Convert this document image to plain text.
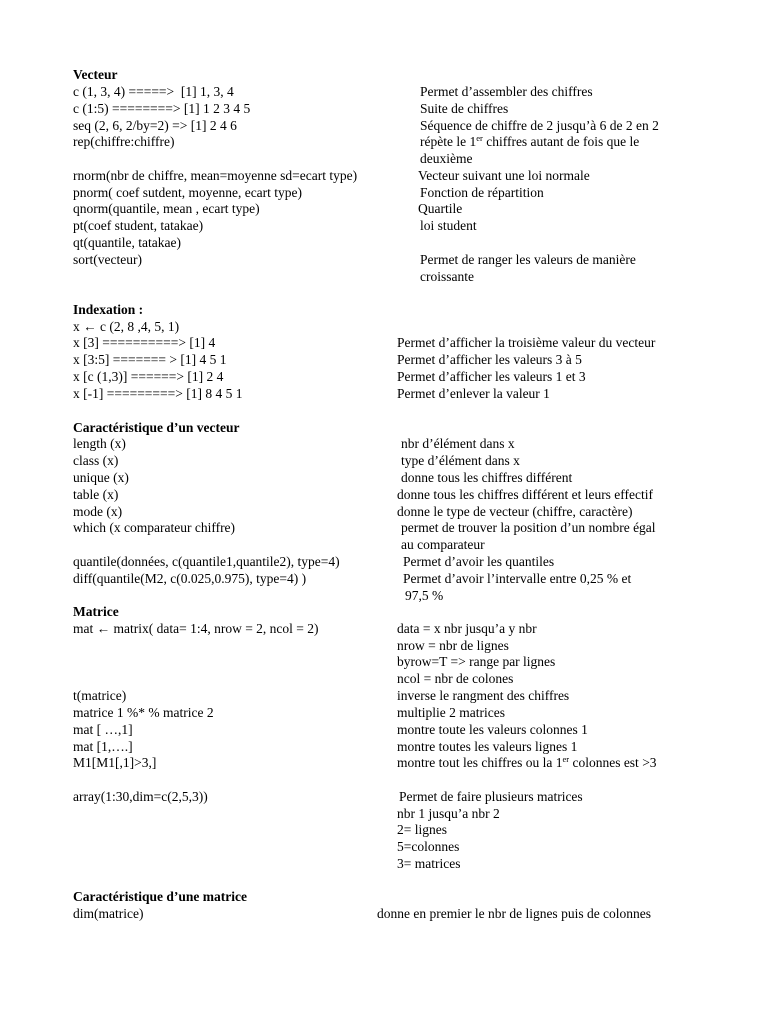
Vecteur
c (1, 3, 4) =====>  [1] 1, 3, 4	Permet d’assembler des chiffres
c (1:5) ========> [1] 1 2 3 4 5	Suite de chiffres
seq (2, 6, 2/by=2) => [1] 2 4 6	Séquence de chiffre de 2 jusqu’à 6 de 2 en 2
rep(chiffre:chiffre)	répète le 1er chiffres autant de fois que le
deuxième
rnorm(nbr de chiffre, mean=moyenne sd=ecart type)	Vecteur suivant une loi normale
pnorm( coef sutdent, moyenne, ecart type)	Fonction de répartition
qnorm(quantile, mean , ecart type)	Quartile
pt(coef student, tatakae)	loi student
qt(quantile, tatakae)
sort(vecteur)	Permet de ranger les valeurs de manière
croissante
Indexation :
x ← c (2, 8 ,4, 5, 1)
x [3] ==========> [1] 4	Permet d’afficher la troisième valeur du vecteur
x [3:5] ======= > [1] 4 5 1	Permet d’afficher les valeurs 3 à 5
x [c (1,3)] ======> [1] 2 4	Permet d’afficher les valeurs 1 et 3
x [-1] =========> [1] 8 4 5 1	Permet d’enlever la valeur 1
Caractéristique d’un vecteur
length (x)	nbr d’élément dans x
class (x)	type d’élément dans x
unique (x)	donne tous les chiffres différent
table (x)	donne tous les chiffres différent et leurs effectif
mode (x)	donne le type de vecteur (chiffre, caractère)
which (x comparateur chiffre)	permet de trouver la position d’un nombre égal
au comparateur
quantile(données, c(quantile1,quantile2), type=4)	Permet d’avoir les quantiles
diff(quantile(M2, c(0.025,0.975), type=4) )	Permet d’avoir l’intervalle entre 0,25 % et
97,5 %
Matrice
mat ← matrix( data= 1:4, nrow = 2, ncol = 2)	data = x nbr jusqu’a y nbr
nrow = nbr de lignes
byrow=T => range par lignes
ncol = nbr de colones
t(matrice)	inverse le rangment des chiffres
matrice 1 %* % matrice 2	multiplie 2 matrices
mat [ …,1]	montre toute les valeurs colonnes 1
mat [1,….]	montre toutes les valeurs lignes 1
M1[M1[,1]>3,]	montre tout les chiffres ou la 1er colonnes est >3
array(1:30,dim=c(2,5,3))	Permet de faire plusieurs matrices
nbr 1 jusqu’a nbr 2
2= lignes
5=colonnes
3= matrices
Caractéristique d’une matrice
dim(matrice)	donne en premier le nbr de lignes puis de colonnes
